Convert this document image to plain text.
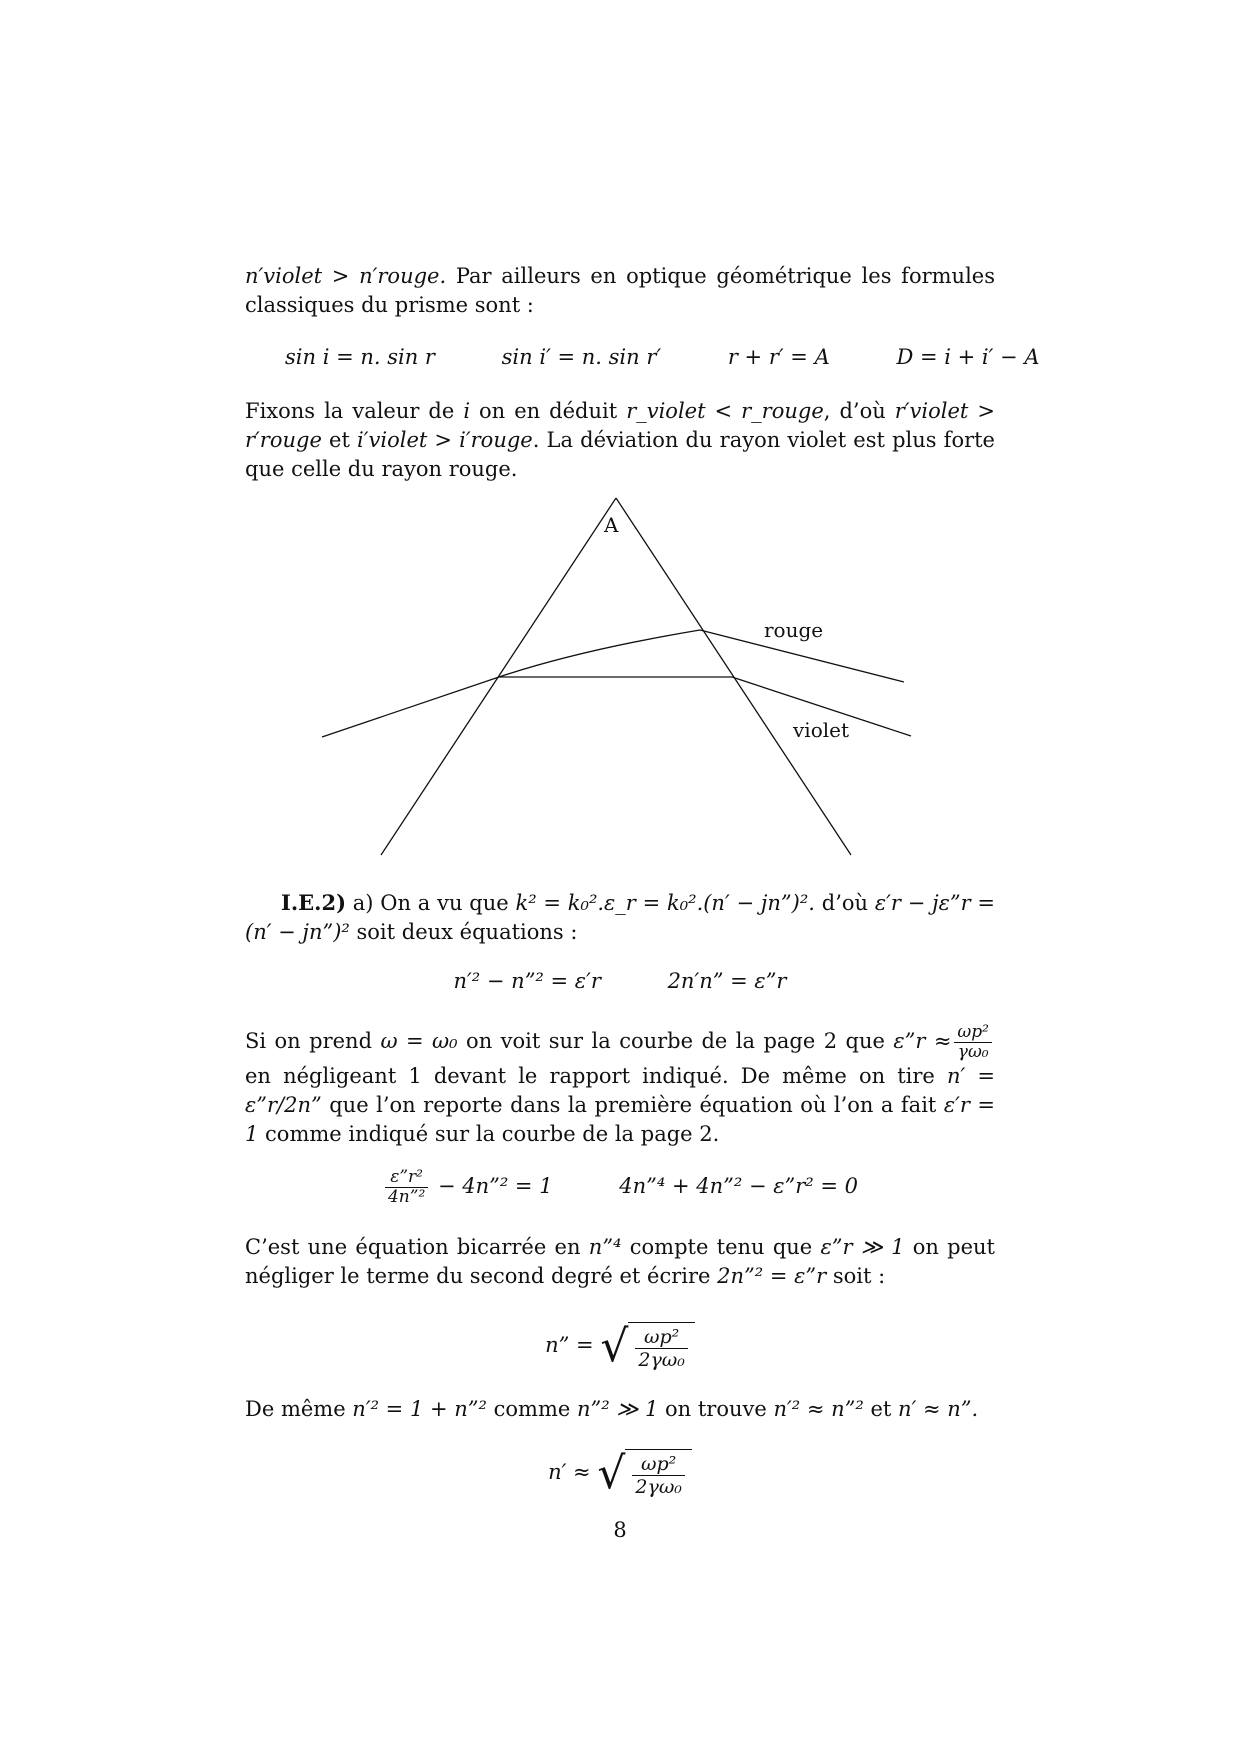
n′violet > n′rouge. Par ailleurs en optique géométrique les formules classiques du prisme sont :

sin i = n. sin r	sin i′ = n. sin r′	r + r′ = A	D = i + i′ − A

Fixons la valeur de i on en déduit r_violet < r_rouge, d’où r′violet > r′rouge et i′violet > i′rouge. La déviation du rayon violet est plus forte que celle du rayon rouge.

A
rouge
violet

I.E.2) a) On a vu que k² = k₀².ε_r = k₀².(n′ − jn”)². d’où ε′r − jε”r = (n′ − jn”)² soit deux équations :

n′² − n”² = ε′r	2n′n” = ε”r

Si on prend ω = ω₀ on voit sur la courbe de la page 2 que ε”r ≈ $\frac{\text{ωp²}}{\text{γω₀}}$
en négligeant 1 devant le rapport indiqué. De même on tire n′ = ε”r/2n” que l’on reporte dans la première équation où l’on a fait ε′r = 1 comme indiqué sur la courbe de la page 2.

$\frac{\text{ε”r²}}{\text{4n”²}}$ − 4n”² = 1	4n”⁴ + 4n”² − ε”r² = 0

C’est une équation bicarrée en n”⁴ compte tenu que ε”r ≫ 1 on peut négliger le terme du second degré et écrire 2n”² = ε”r soit :

n” = √ $\frac{\text{ωp²}}{\text{2γω₀}}$

De même n′² = 1 + n”² comme n”² ≫ 1 on trouve n′² ≈ n”² et n′ ≈ n”.

n′ ≈ √ $\frac{\text{ωp²}}{\text{2γω₀}}$
8
